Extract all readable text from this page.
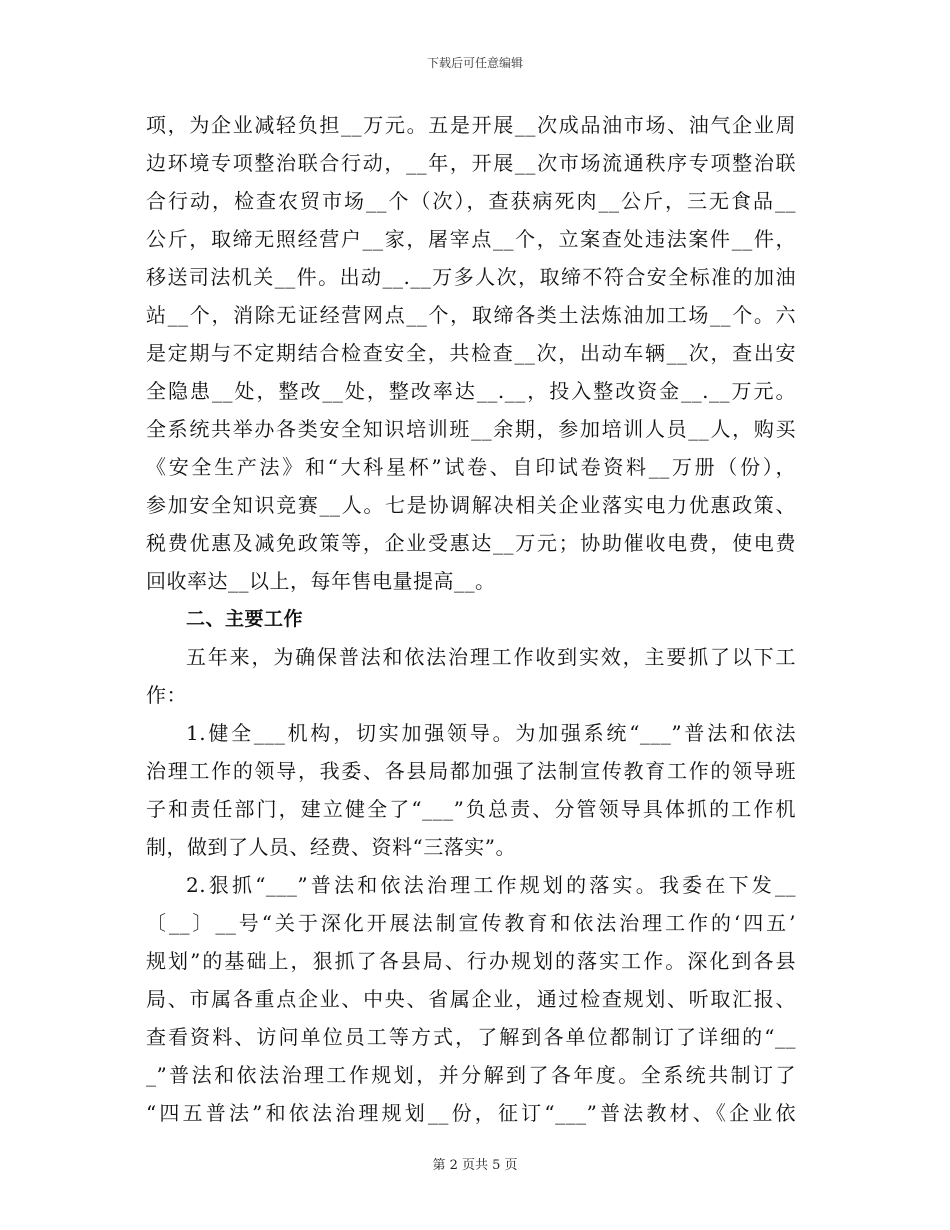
下载后可任意编辑
项，为企业减轻负担__万元。五是开展__次成品油市场、油气企业周
边环境专项整治联合行动，__年，开展__次市场流通秩序专项整治联
合行动，检查农贸市场__个（次），查获病死肉__公斤，三无食品__
公斤，取缔无照经营户__家，屠宰点__个，立案查处违法案件__件，
移送司法机关__件。出动__.__万多人次，取缔不符合安全标准的加油
站__个，消除无证经营网点__个，取缔各类土法炼油加工场__个。六
是定期与不定期结合检查安全，共检查__次，出动车辆__次，查出安
全隐患__处，整改__处，整改率达__.__，投入整改资金__.__万元。
全系统共举办各类安全知识培训班__余期，参加培训人员__人，购买
《安全生产法》和“大科星杯”试卷、自印试卷资料__万册（份），
参加安全知识竞赛__人。七是协调解决相关企业落实电力优惠政策、
税费优惠及减免政策等，企业受惠达__万元；协助催收电费，使电费
回收率达__以上，每年售电量提高__。
二、主要工作
五年来，为确保普法和依法治理工作收到实效，主要抓了以下工
作：
1.健全___机构，切实加强领导。为加强系统“___”普法和依法
治理工作的领导，我委、各县局都加强了法制宣传教育工作的领导班
子和责任部门，建立健全了“___”负总责、分管领导具体抓的工作机
制，做到了人员、经费、资料“三落实”。
2.狠抓“___”普法和依法治理工作规划的落实。我委在下发__
〔__〕__号“关于深化开展法制宣传教育和依法治理工作的‘四五’
规划”的基础上，狠抓了各县局、行办规划的落实工作。深化到各县
局、市属各重点企业、中央、省属企业，通过检查规划、听取汇报、
查看资料、访问单位员工等方式，了解到各单位都制订了详细的“__
_”普法和依法治理工作规划，并分解到了各年度。全系统共制订了
“四五普法”和依法治理规划__份，征订“___”普法教材、《企业依
第 2 页共 5 页
